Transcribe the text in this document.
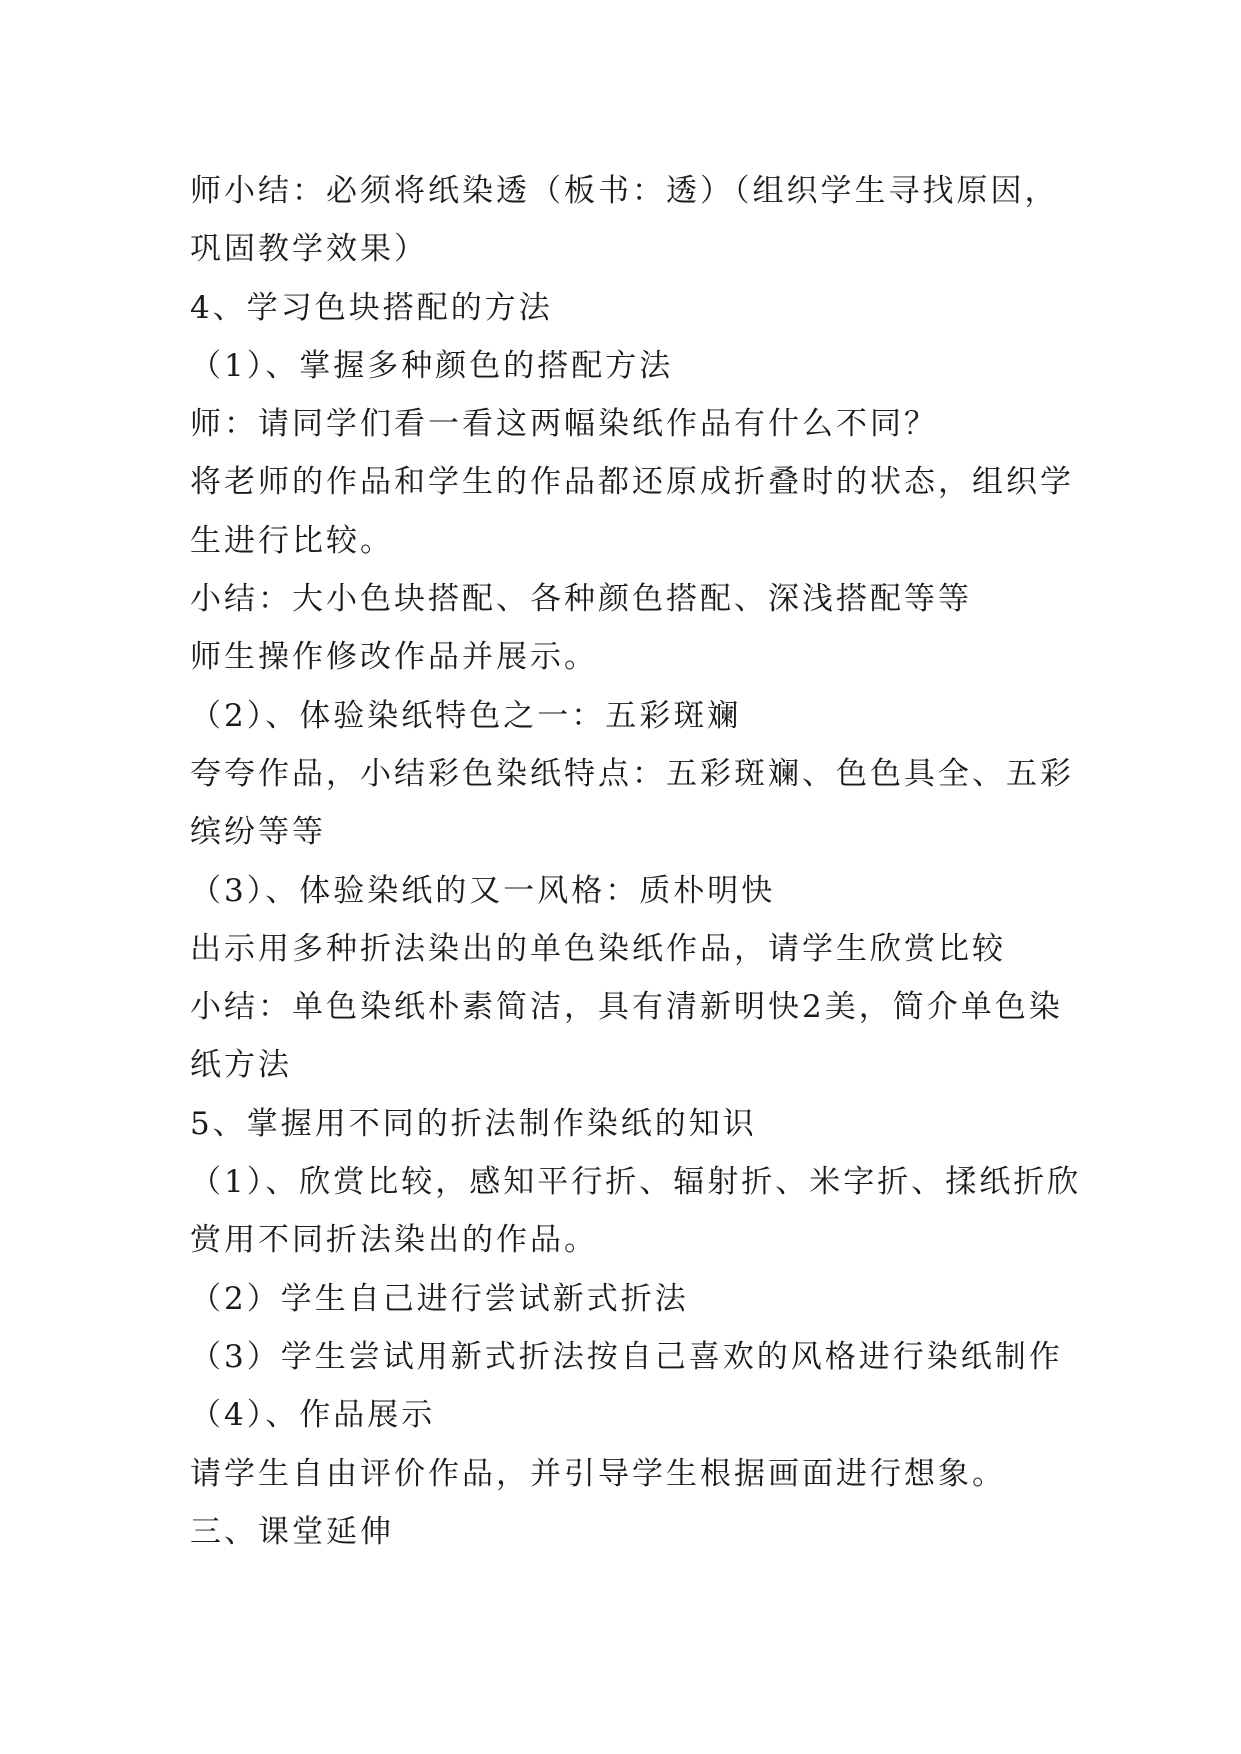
师小结：必须将纸染透（板书：透）（组织学生寻找原因，
巩固教学效果）
4、学习色块搭配的方法
（1）、掌握多种颜色的搭配方法
师：请同学们看一看这两幅染纸作品有什么不同？
将老师的作品和学生的作品都还原成折叠时的状态，组织学
生进行比较。
小结：大小色块搭配、各种颜色搭配、深浅搭配等等
师生操作修改作品并展示。
（2）、体验染纸特色之一：五彩斑斓
夸夸作品，小结彩色染纸特点：五彩斑斓、色色具全、五彩
缤纷等等
（3）、体验染纸的又一风格：质朴明快
出示用多种折法染出的单色染纸作品，请学生欣赏比较
小结：单色染纸朴素简洁，具有清新明快2美，简介单色染
纸方法
5、掌握用不同的折法制作染纸的知识
（1）、欣赏比较，感知平行折、辐射折、米字折、揉纸折欣
赏用不同折法染出的作品。
（2）学生自己进行尝试新式折法
（3）学生尝试用新式折法按自己喜欢的风格进行染纸制作
（4）、作品展示
请学生自由评价作品，并引导学生根据画面进行想象。
三、课堂延伸
